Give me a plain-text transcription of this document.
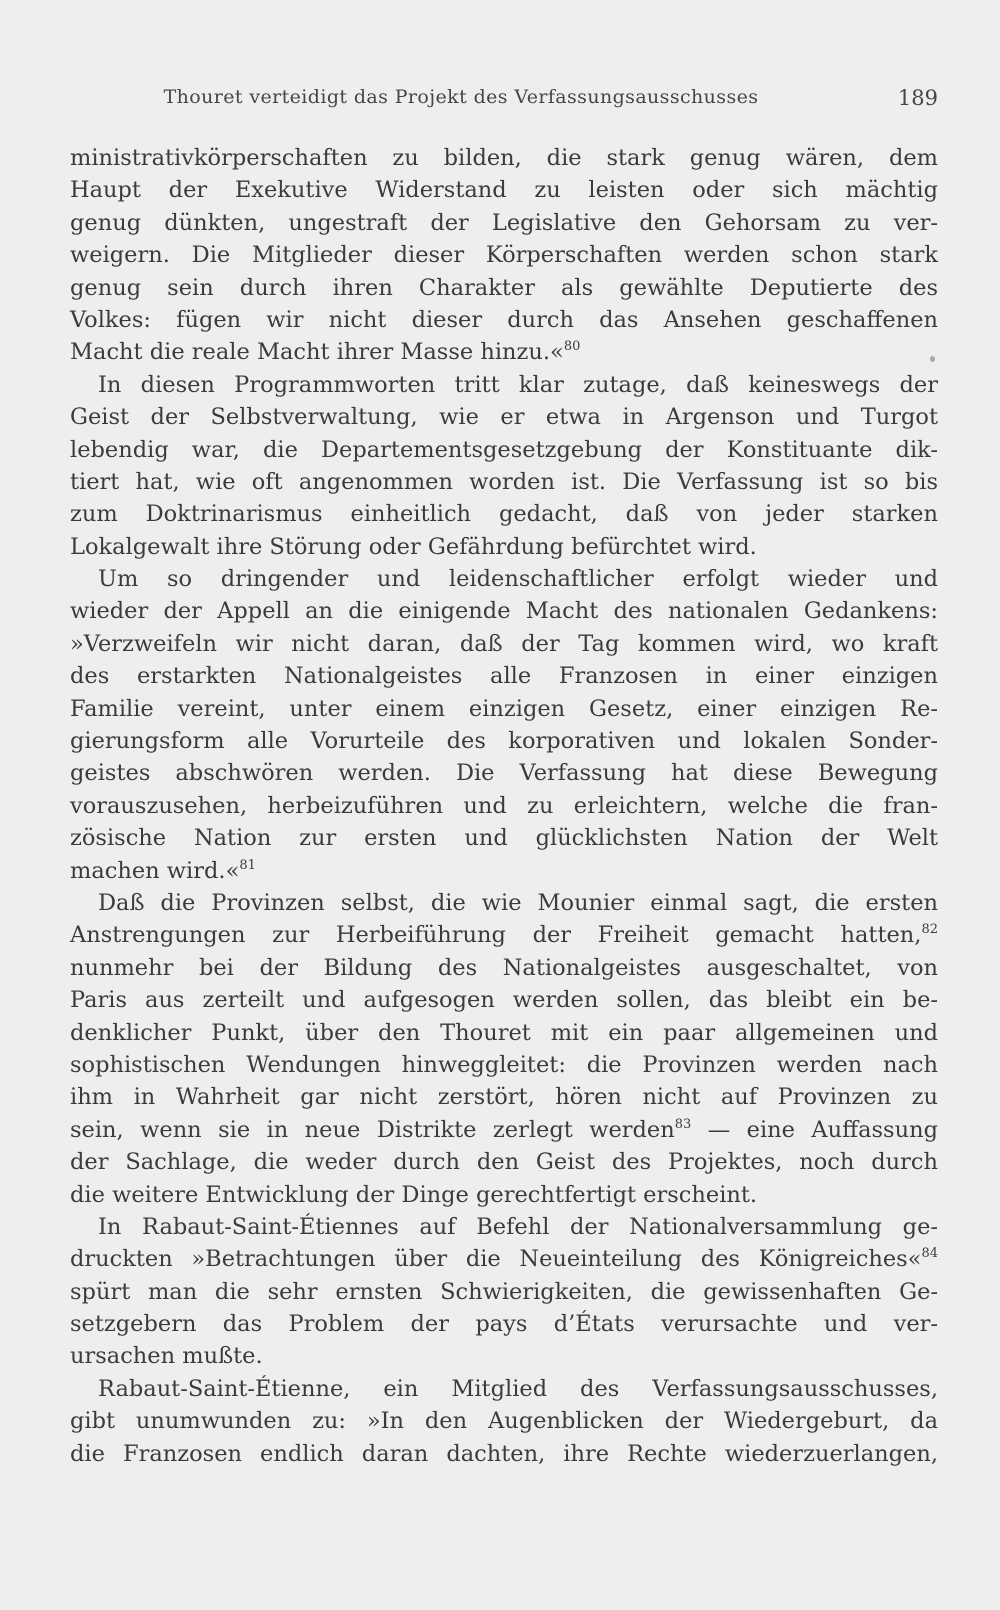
Thouret verteidigt das Projekt des Verfassungsausschusses	189
ministrativkörperschaften zu bilden, die stark genug wären, dem
Haupt der Exekutive Widerstand zu leisten oder sich mächtig
genug dünkten, ungestraft der Legislative den Gehorsam zu ver-
weigern. Die Mitglieder dieser Körperschaften werden schon stark
genug sein durch ihren Charakter als gewählte Deputierte des
Volkes: fügen wir nicht dieser durch das Ansehen geschaffenen
Macht die reale Macht ihrer Masse hinzu.«$^{80}$
In diesen Programmworten tritt klar zutage, daß keineswegs der
Geist der Selbstverwaltung, wie er etwa in Argenson und Turgot
lebendig war, die Departementsgesetzgebung der Konstituante dik-
tiert hat, wie oft angenommen worden ist. Die Verfassung ist so bis
zum Doktrinarismus einheitlich gedacht, daß von jeder starken
Lokalgewalt ihre Störung oder Gefährdung befürchtet wird.
Um so dringender und leidenschaftlicher erfolgt wieder und
wieder der Appell an die einigende Macht des nationalen Gedankens:
»Verzweifeln wir nicht daran, daß der Tag kommen wird, wo kraft
des erstarkten Nationalgeistes alle Franzosen in einer einzigen
Familie vereint, unter einem einzigen Gesetz, einer einzigen Re-
gierungsform alle Vorurteile des korporativen und lokalen Sonder-
geistes abschwören werden. Die Verfassung hat diese Bewegung
vorauszusehen, herbeizuführen und zu erleichtern, welche die fran-
zösische Nation zur ersten und glücklichsten Nation der Welt
machen wird.«$^{81}$
Daß die Provinzen selbst, die wie Mounier einmal sagt, die ersten
Anstrengungen zur Herbeiführung der Freiheit gemacht hatten,$^{82}$
nunmehr bei der Bildung des Nationalgeistes ausgeschaltet, von
Paris aus zerteilt und aufgesogen werden sollen, das bleibt ein be-
denklicher Punkt, über den Thouret mit ein paar allgemeinen und
sophistischen Wendungen hinweggleitet: die Provinzen werden nach
ihm in Wahrheit gar nicht zerstört, hören nicht auf Provinzen zu
sein, wenn sie in neue Distrikte zerlegt werden$^{83}$ — eine Auffassung
der Sachlage, die weder durch den Geist des Projektes, noch durch
die weitere Entwicklung der Dinge gerechtfertigt erscheint.
In Rabaut-Saint-Étiennes auf Befehl der Nationalversammlung ge-
druckten »Betrachtungen über die Neueinteilung des Königreiches«$^{84}$
spürt man die sehr ernsten Schwierigkeiten, die gewissenhaften Ge-
setzgebern das Problem der pays d’États verursachte und ver-
ursachen mußte.
Rabaut-Saint-Étienne, ein Mitglied des Verfassungsausschusses,
gibt unumwunden zu: »In den Augenblicken der Wiedergeburt, da
die Franzosen endlich daran dachten, ihre Rechte wiederzuerlangen,
